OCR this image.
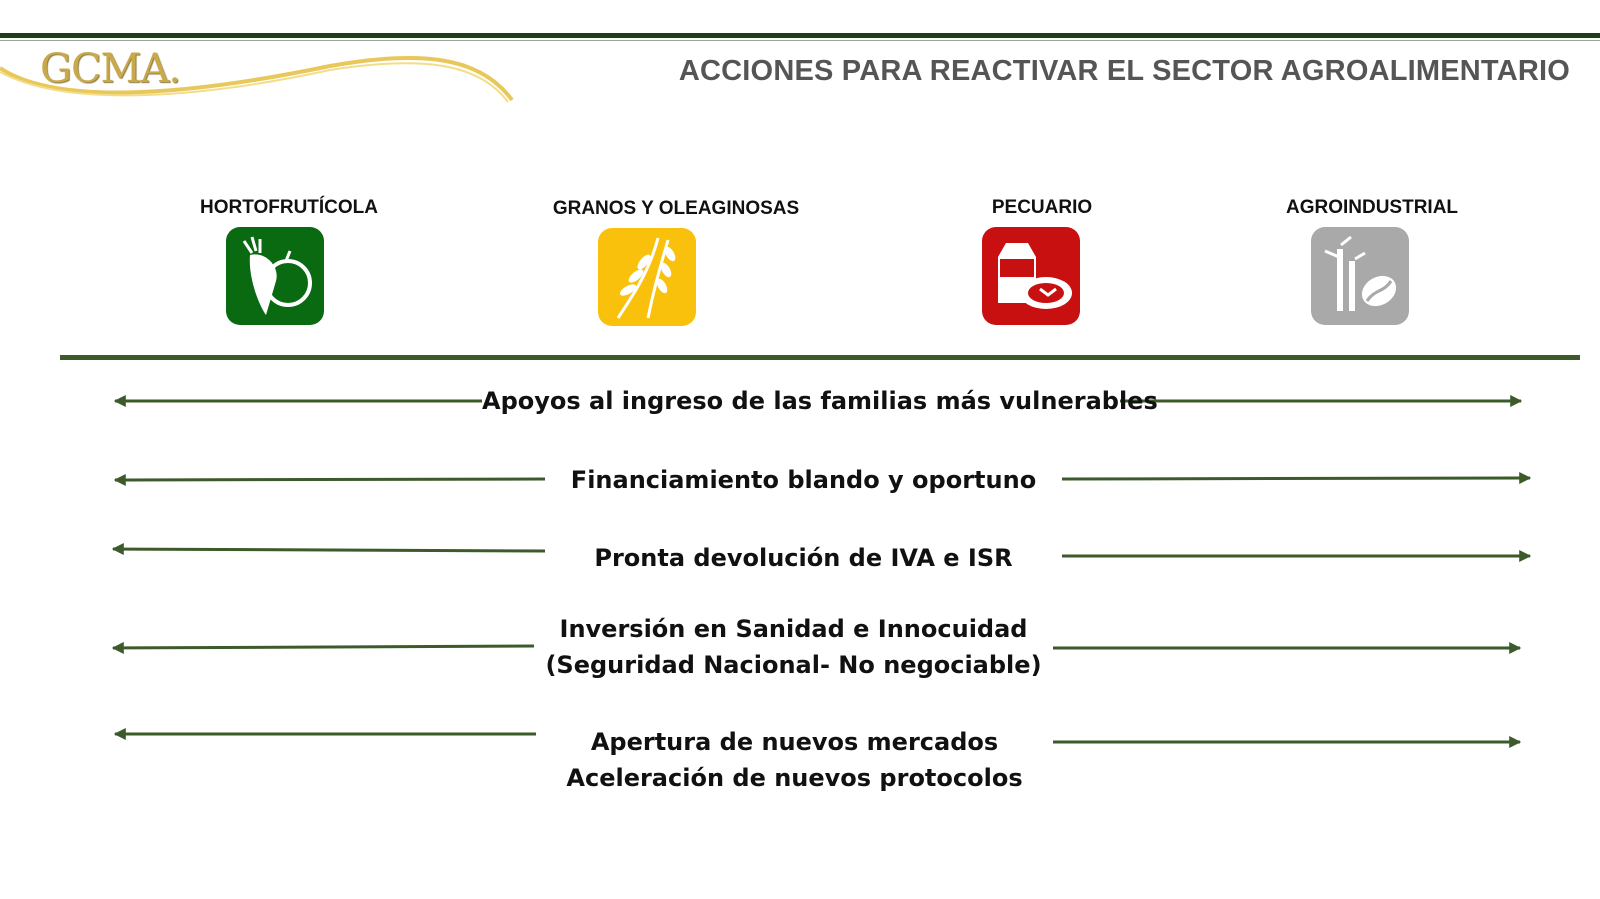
GCMA.	ACCIONES PARA REACTIVAR EL SECTOR AGROALIMENTARIO
HORTOFRUTÍCOLA	GRANOS Y OLEAGINOSAS	PECUARIO	AGROINDUSTRIAL
Apoyos al ingreso de las familias más vulnerables
Financiamiento blando y oportuno
Pronta devolución de IVA e ISR
Inversión en Sanidad e Innocuidad
(Seguridad Nacional- No negociable)
Apertura de nuevos mercados
Aceleración de nuevos protocolos
